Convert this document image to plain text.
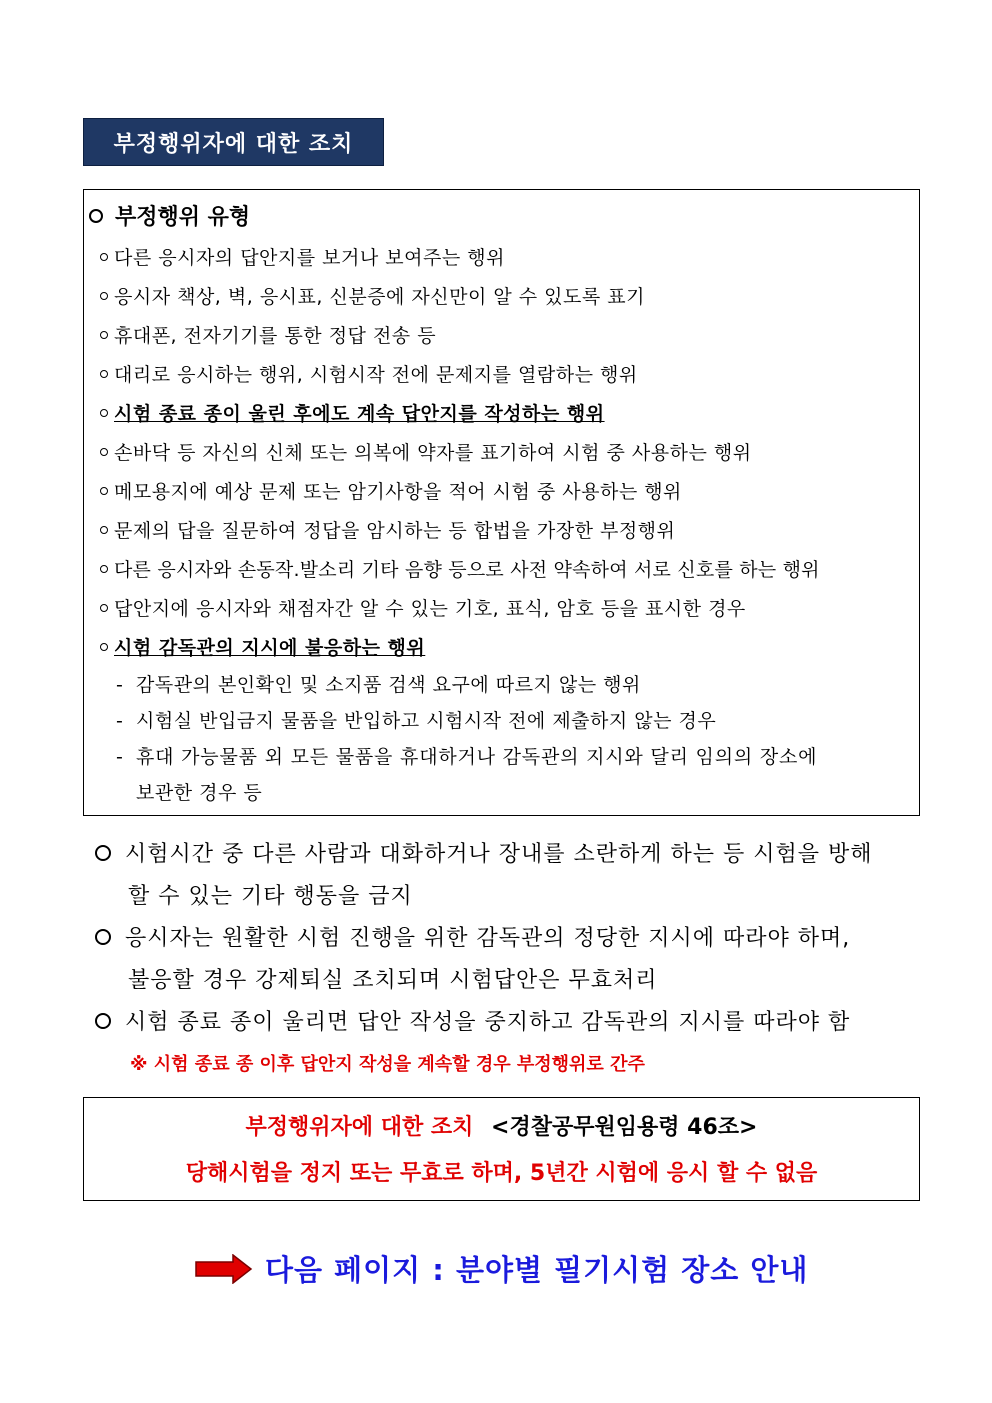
부정행위자에 대한 조치
부정행위 유형
다른 응시자의 답안지를 보거나 보여주는 행위
응시자 책상, 벽, 응시표, 신분증에 자신만이 알 수 있도록 표기
휴대폰, 전자기기를 통한 정답 전송 등
대리로 응시하는 행위, 시험시작 전에 문제지를 열람하는 행위
시험 종료 종이 울린 후에도 계속 답안지를 작성하는 행위
손바닥 등 자신의 신체 또는 의복에 약자를 표기하여 시험 중 사용하는 행위
메모용지에 예상 문제 또는 암기사항을 적어 시험 중 사용하는 행위
문제의 답을 질문하여 정답을 암시하는 등 합법을 가장한 부정행위
다른 응시자와 손동작.발소리 기타 음향 등으로 사전 약속하여 서로 신호를 하는 행위
답안지에 응시자와 채점자간 알 수 있는 기호, 표식, 암호 등을 표시한 경우
시험 감독관의 지시에 불응하는 행위
- 감독관의 본인확인 및 소지품 검색 요구에 따르지 않는 행위
- 시험실 반입금지 물품을 반입하고 시험시작 전에 제출하지 않는 경우
- 휴대 가능물품 외 모든 물품을 휴대하거나 감독관의 지시와 달리 임의의 장소에
보관한 경우 등
시험시간 중 다른 사람과 대화하거나 장내를 소란하게 하는 등 시험을 방해
할 수 있는 기타 행동을 금지
응시자는 원활한 시험 진행을 위한 감독관의 정당한 지시에 따라야 하며,
불응할 경우 강제퇴실 조치되며 시험답안은 무효처리
시험 종료 종이 울리면 답안 작성을 중지하고 감독관의 지시를 따라야 함
※ 시험 종료 종 이후 답안지 작성을 계속할 경우 부정행위로 간주
부정행위자에 대한 조치 <경찰공무원임용령 46조>
당해시험을 정지 또는 무효로 하며, 5년간 시험에 응시 할 수 없음
다음 페이지 : 분야별 필기시험 장소 안내
